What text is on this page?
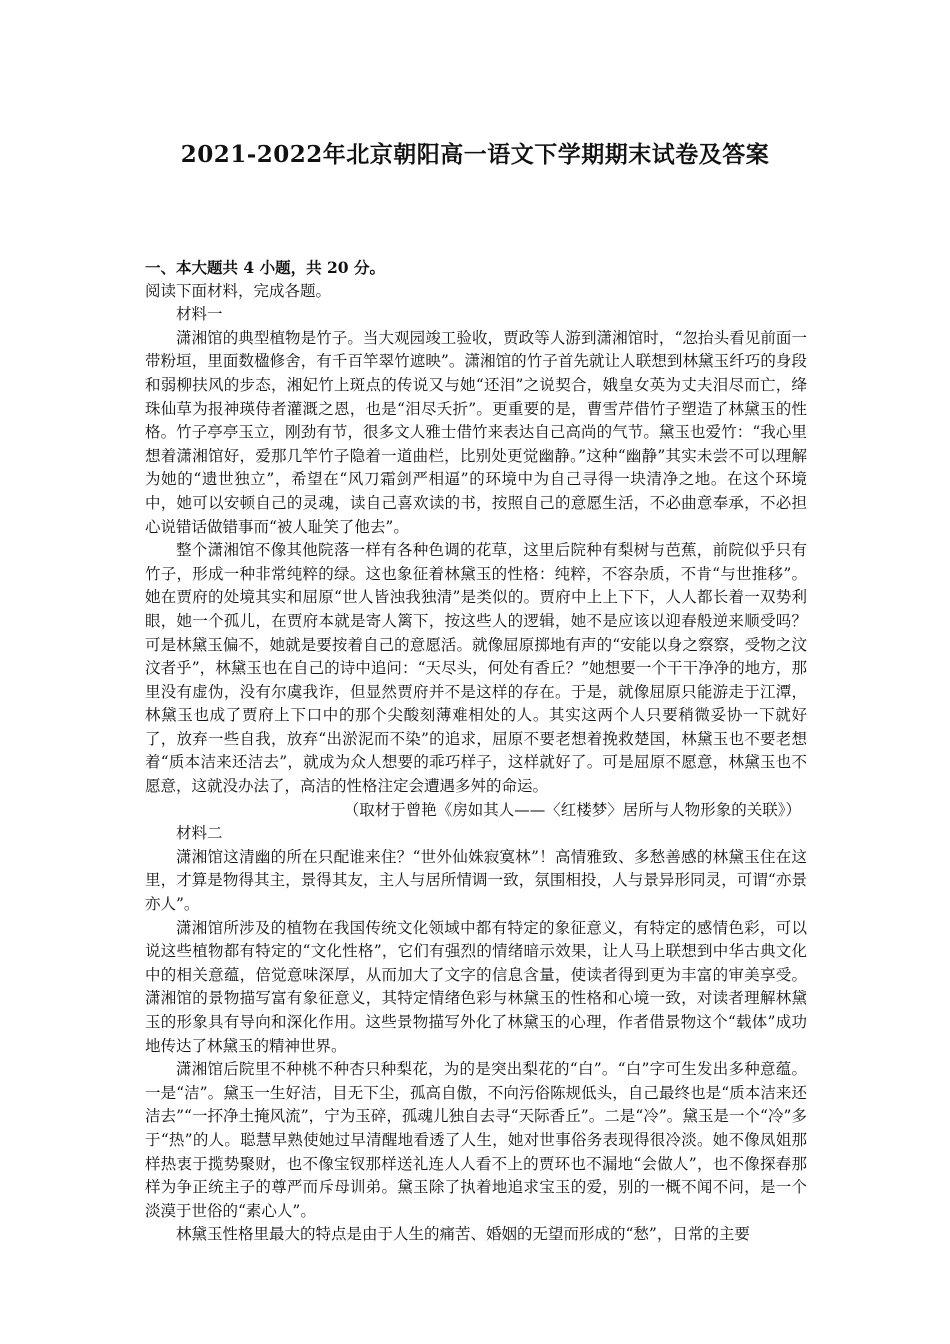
2021-2022年北京朝阳高一语文下学期期末试卷及答案

一、本大题共 4 小题，共 20 分。

阅读下面材料，完成各题。

材料一

潇湘馆的典型植物是竹子。当大观园竣工验收，贾政等人游到潇湘馆时，“忽抬头看见前面一带粉垣，里面数楹修舍，有千百竿翠竹遮映”。潇湘馆的竹子首先就让人联想到林黛玉纤巧的身段和弱柳扶风的步态，湘妃竹上斑点的传说又与她“还泪”之说契合，娥皇女英为丈夫泪尽而亡，绛珠仙草为报神瑛侍者灌溉之恩，也是“泪尽夭折”。更重要的是，曹雪芹借竹子塑造了林黛玉的性格。竹子亭亭玉立，刚劲有节，很多文人雅士借竹来表达自己高尚的气节。黛玉也爱竹：“我心里想着潇湘馆好，爱那几竿竹子隐着一道曲栏，比别处更觉幽静。”这种“幽静”其实未尝不可以理解为她的“遗世独立”，希望在“风刀霜剑严相逼”的环境中为自己寻得一块清净之地。在这个环境中，她可以安顿自己的灵魂，读自己喜欢读的书，按照自己的意愿生活，不必曲意奉承，不必担心说错话做错事而“被人耻笑了他去”。

整个潇湘馆不像其他院落一样有各种色调的花草，这里后院种有梨树与芭蕉，前院似乎只有竹子，形成一种非常纯粹的绿。这也象征着林黛玉的性格：纯粹，不容杂质，不肯“与世推移”。她在贾府的处境其实和屈原“世人皆浊我独清”是类似的。贾府中上上下下，人人都长着一双势利眼，她一个孤儿，在贾府本就是寄人篱下，按这些人的逻辑，她不是应该以迎春般逆来顺受吗？可是林黛玉偏不，她就是要按着自己的意愿活。就像屈原掷地有声的“安能以身之察察，受物之汶汶者乎”，林黛玉也在自己的诗中追问：“天尽头，何处有香丘？”她想要一个干干净净的地方，那里没有虚伪，没有尔虞我诈，但显然贾府并不是这样的存在。于是，就像屈原只能游走于江潭，林黛玉也成了贾府上下口中的那个尖酸刻薄难相处的人。其实这两个人只要稍微妥协一下就好了，放弃一些自我，放弃“出淤泥而不染”的追求，屈原不要老想着挽救楚国，林黛玉也不要老想着“质本洁来还洁去”，就成为众人想要的乖巧样子，这样就好了。可是屈原不愿意，林黛玉也不愿意，这就没办法了，高洁的性格注定会遭遇多舛的命运。

（取材于曾艳《房如其人——〈红楼梦〉居所与人物形象的关联》）

材料二

潇湘馆这清幽的所在只配谁来住？“世外仙姝寂寞林”！高情雅致、多愁善感的林黛玉住在这里，才算是物得其主，景得其友，主人与居所情调一致，氛围相投，人与景异形同灵，可谓“亦景亦人”。

潇湘馆所涉及的植物在我国传统文化领域中都有特定的象征意义，有特定的感情色彩，可以说这些植物都有特定的“文化性格”，它们有强烈的情绪暗示效果，让人马上联想到中华古典文化中的相关意蕴，倍觉意味深厚，从而加大了文字的信息含量，使读者得到更为丰富的审美享受。潇湘馆的景物描写富有象征意义，其特定情绪色彩与林黛玉的性格和心境一致，对读者理解林黛玉的形象具有导向和深化作用。这些景物描写外化了林黛玉的心理，作者借景物这个“载体”成功地传达了林黛玉的精神世界。

潇湘馆后院里不种桃不种杏只种梨花，为的是突出梨花的“白”。“白”字可生发出多种意蕴。一是“洁”。黛玉一生好洁，目无下尘，孤高自傲，不向污俗陈规低头，自己最终也是“质本洁来还洁去”“一抔净土掩风流”，宁为玉碎，孤魂儿独自去寻“天际香丘”。二是“冷”。黛玉是一个“冷”多于“热”的人。聪慧早熟使她过早清醒地看透了人生，她对世事俗务表现得很冷淡。她不像凤姐那样热衷于揽势聚财，也不像宝钗那样送礼连人人看不上的贾环也不漏地“会做人”，也不像探春那样为争正统主子的尊严而斥母训弟。黛玉除了执着地追求宝玉的爱，别的一概不闻不问，是一个淡漠于世俗的“素心人”。

林黛玉性格里最大的特点是由于人生的痛苦、婚姻的无望而形成的“愁”，日常的主要
